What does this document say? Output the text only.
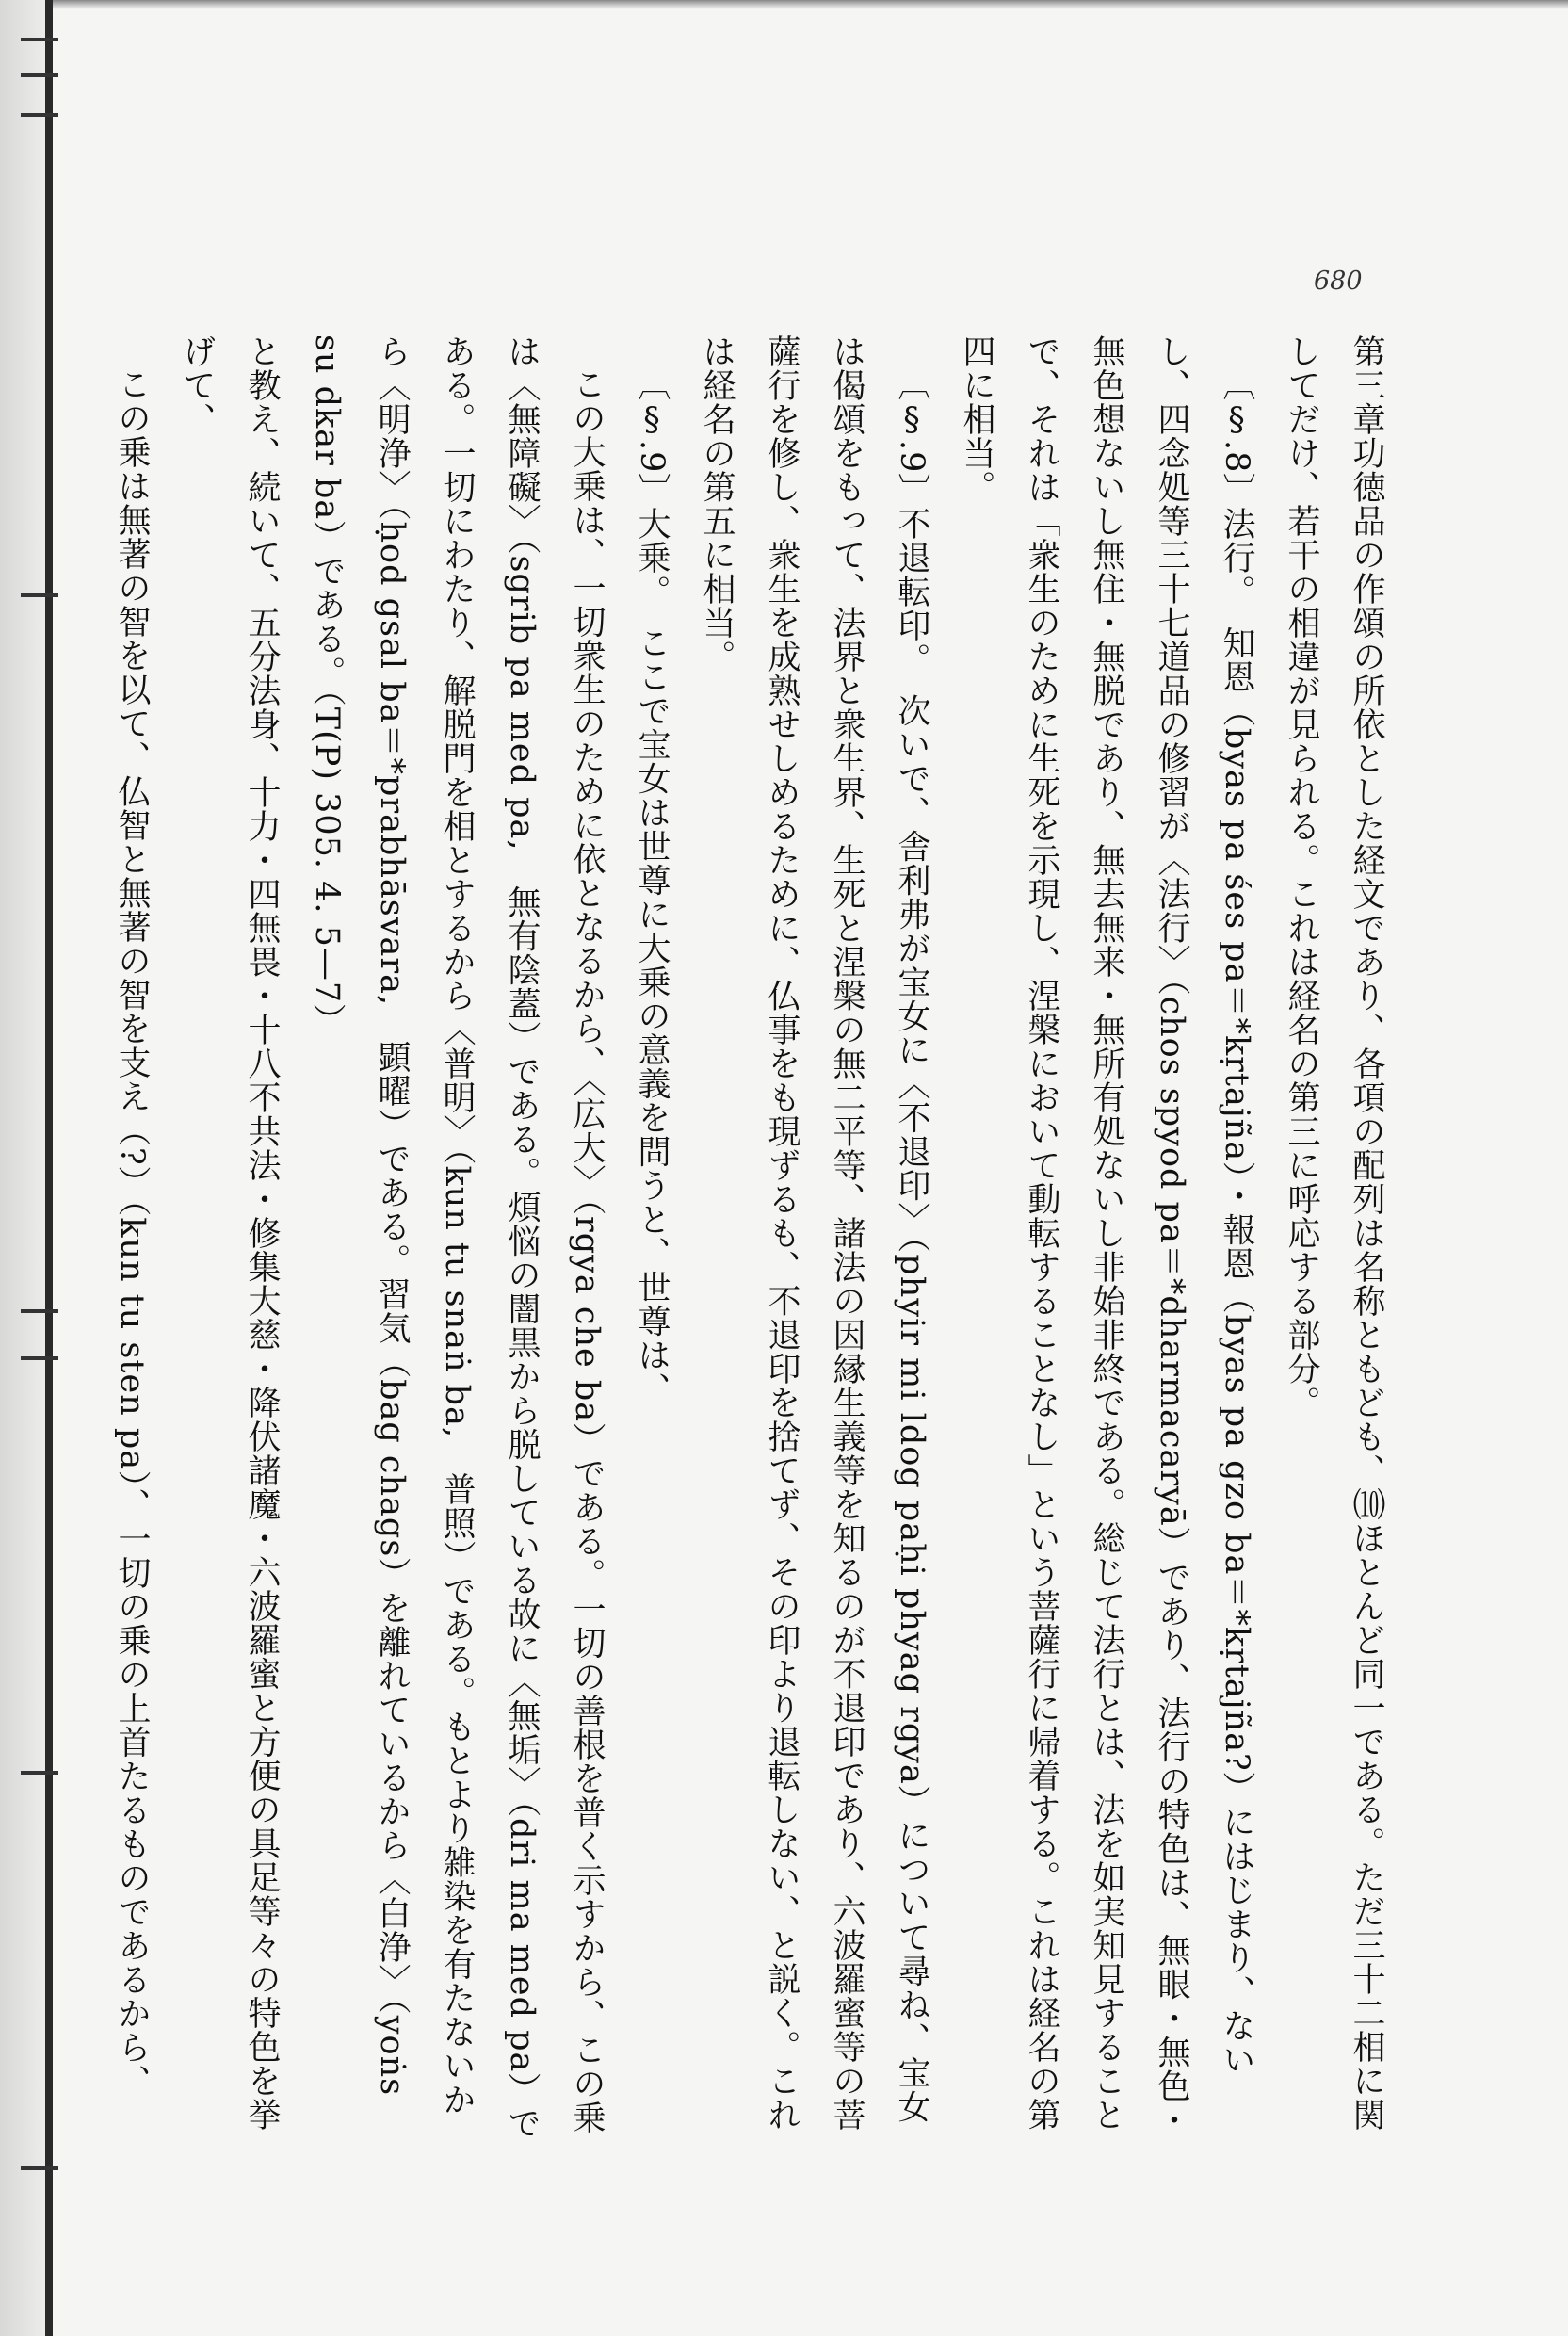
680

第三章功徳品の作頌の所依とした経文であり、各項の配列は名称ともども、⑽ほとんど同一である。ただ三十二相に関してだけ、若干の相違が見られる。これは経名の第三に呼応する部分。

〔§.8〕法行。　知恩（byas pa śes pa＝*kṛtajña）・報恩（byas pa gzo ba＝*kṛtajña?）にはじまり、ないし、四念処等三十七道品の修習が〈法行〉（chos spyod pa＝*dharmacaryā）であり、法行の特色は、無眼・無色・無色想ないし無住・無脱であり、無去無来・無所有処ないし非始非終である。総じて法行とは、法を如実知見することで、それは「衆生のために生死を示現し、涅槃において動転することなし」という菩薩行に帰着する。これは経名の第四に相当。

〔§.9〕不退転印。　次いで、舎利弗が宝女に〈不退印〉（phyir mi ldog paḥi phyag rgya）について尋ね、宝女は偈頌をもって、法界と衆生界、生死と涅槃の無二平等、諸法の因縁生義等を知るのが不退印であり、六波羅蜜等の菩薩行を修し、衆生を成熟せしめるために、仏事をも現ずるも、不退印を捨てず、その印より退転しない、と説く。これは経名の第五に相当。

〔§.9〕大乗。　ここで宝女は世尊に大乗の意義を問うと、世尊は、

この大乗は、一切衆生のために依となるから、〈広大〉（rgya che ba）である。一切の善根を普く示すから、この乗は〈無障礙〉（sgrib pa med pa,　無有陰蓋）である。煩悩の闇黒から脱している故に〈無垢〉（dri ma med pa）である。一切にわたり、解脱門を相とするから〈普明〉（kun tu snaṅ ba,　普照）である。もとより雑染を有たないから〈明浄〉（ḥod gsal ba＝*prabhāsvara,　顕曜）である。習気（bag chags）を離れているから〈白浄〉（yoṅs su dkar ba）である。（T(P) 305. 4. 5—7）

と教え、続いて、五分法身、十力・四無畏・十八不共法・修集大慈・降伏諸魔・六波羅蜜と方便の具足等々の特色を挙げて、

この乗は無著の智を以て、仏智と無著の智を支え（?）（kun tu sten pa）、一切の乗の上首たるものであるから、
